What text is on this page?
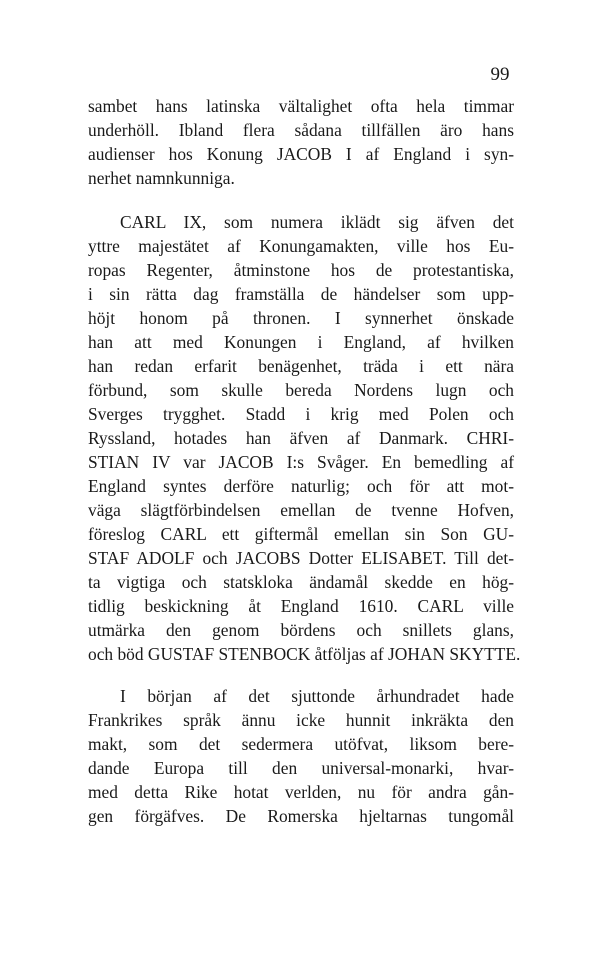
99
sambet hans latinska vältalighet ofta hela timmar
underhöll. Ibland flera sådana tillfällen äro hans
audienser hos Konung JACOB I af England i syn-
nerhet namnkunniga.
CARL IX, som numera iklädt sig äfven det
yttre majestätet af Konungamakten, ville hos Eu-
ropas Regenter, åtminstone hos de protestantiska,
i sin rätta dag framställa de händelser som upp-
höjt honom på thronen. I synnerhet önskade
han att med Konungen i England, af hvilken
han redan erfarit benägenhet, träda i ett nära
förbund, som skulle bereda Nordens lugn och
Sverges trygghet. Stadd i krig med Polen och
Ryssland, hotades han äfven af Danmark. CHRI-
STIAN IV var JACOB I:s Svåger. En bemedling af
England syntes derföre naturlig; och för att mot-
väga slägtförbindelsen emellan de tvenne Hofven,
föreslog CARL ett giftermål emellan sin Son GU-
STAF ADOLF och JACOBS Dotter ELISABET. Till det-
ta vigtiga och statskloka ändamål skedde en hög-
tidlig beskickning åt England 1610. CARL ville
utmärka den genom bördens och snillets glans,
och böd GUSTAF STENBOCK åtföljas af JOHAN SKYTTE.
I början af det sjuttonde århundradet hade
Frankrikes språk ännu icke hunnit inkräkta den
makt, som det sedermera utöfvat, liksom bere-
dande Europa till den universal-monarki, hvar-
med detta Rike hotat verlden, nu för andra gån-
gen förgäfves. De Romerska hjeltarnas tungomål
